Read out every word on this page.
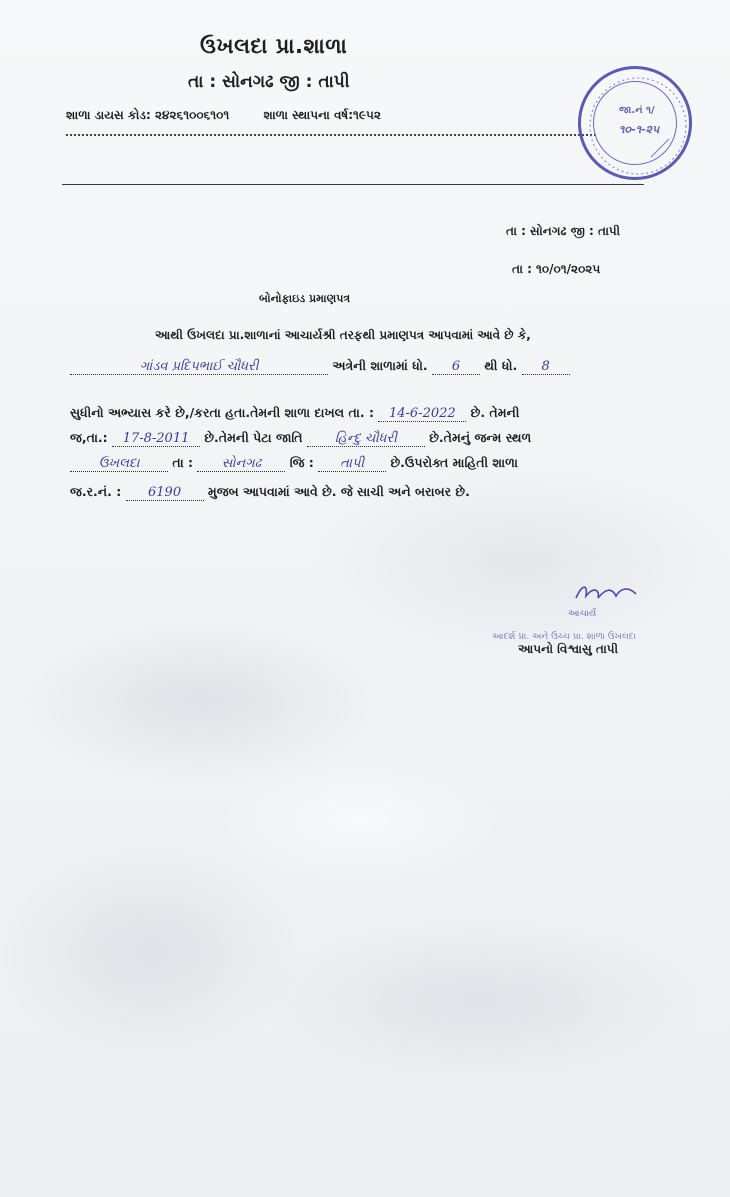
ઉખલદા પ્રા.શાળા
તા : સોનગઢ જી : તાપી
શાળા ડાયસ કોડ: ૨૪૨૬૧૦૦૬૧૦૧	શાળા સ્થાપના વર્ષ:૧૯૫૨	જા.નં ૧/
૧૦-૧-૨૫
તા : સોનગઢ જી : તાપી
તા : ૧૦/૦૧/૨૦૨૫
બોનોફાઇડ પ્રમાણપત્ર
આથી ઉખલદા પ્રા.શાળાનાં આચાર્યશ્રી તરફથી પ્રમાણપત્ર આપવામાં આવે છે કે,
ગાંડવ પ્રદિપભાઈ ચૌધરી	અત્રેની શાળામાં ધો. 6 થી ધો. 8
સુધીનો અભ્યાસ કરે છે,/કરતા હતા.તેમની શાળા દાખલ તા. : 14-6-2022 છે. તેમની
જ,તા.: 17-8-2011 છે.તેમની પેટા જાતિ હિન્દુ ચૌધરી	છે.તેમનું જન્મ સ્થળ
ઉખલદા	તા : સોનગઢ જિ : તાપી છે.ઉપરોક્ત માહિતી શાળા
જ.ર.નં. : 6190 મુજબ આપવામાં આવે છે. જે સાચી અને બરાબર છે.
આચાર્ય
આદર્શ પ્રા. અને ઉચ્ચ પ્રા. શાળા ઉખલદા
આપનો વિશ્વાસુ તાપી
